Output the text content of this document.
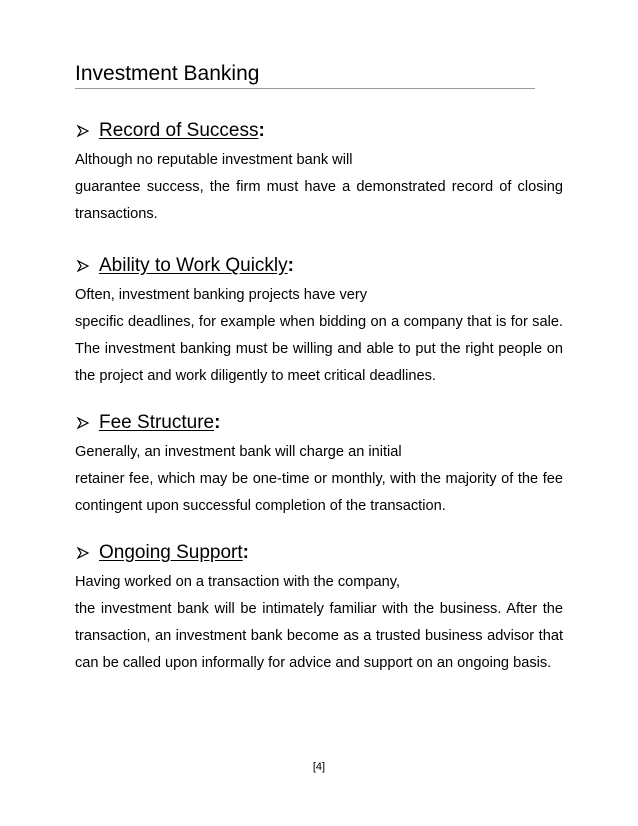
Investment Banking
Record of Success:

Although no reputable investment bank will
guarantee success, the firm must have a demonstrated record of closing transactions.

Ability to Work Quickly:

Often, investment banking projects have very
specific deadlines, for example when bidding on a company that is for sale. The investment banking must be willing and able to put the right people on the project and work diligently to meet critical deadlines.

Fee Structure:

Generally, an investment bank will charge an initial
retainer fee, which may be one-time or monthly, with the majority of the fee contingent upon successful completion of the transaction.

Ongoing Support:

Having worked on a transaction with the company,
the investment bank will be intimately familiar with the business. After the transaction, an investment bank become as a trusted business advisor that can be called upon informally for advice and support on an ongoing basis.

[4]
